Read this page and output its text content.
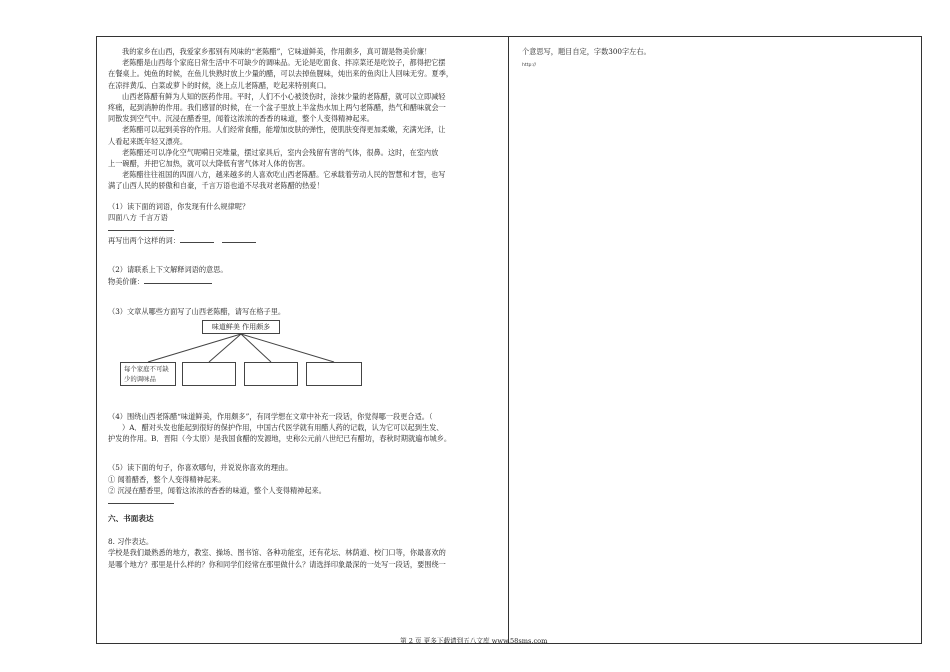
我的家乡在山西，我爱家乡那别有风味的“老陈醋”，它味道鲜美，作用颇多，真可谓是物美价廉！

老陈醋是山西每个家庭日常生活中不可缺少的调味品。无论是吃面食、拌凉菜还是吃饺子，都得把它摆

在餐桌上。炖鱼的时候，在鱼儿快熟时放上少量的醋，可以去掉鱼腥味，炖出来的鱼肉让人回味无穷。夏季，

在凉拌黄瓜、白菜或萝卜的时候，浇上点儿老陈醋，吃起来特别爽口。

山西老陈醋有鲜为人知的医药作用。平时，人们不小心被烫伤时，涂抹少量的老陈醋，就可以立即减轻

疼痛，起到消肿的作用。我们感冒的时候，在一个盆子里放上半盆热水加上两勺老陈醋，热气和醋味就会一

同散发到空气中。沉浸在醋香里，闻着这浓浓的香香的味道，整个人变得精神起来。

老陈醋可以起到美容的作用。人们经常食醋，能增加皮肤的弹性，使肌肤变得更加柔嫩，充满光泽，让

人看起来既年轻又漂亮。

老陈醋还可以净化空气呢嗬日完堆量，摆过家具后，室内会残留有害的气体，很鼻。这时，在室内放

上一碗醋，并把它加热，就可以大降低有害气体对人体的伤害。

老陈醋往往祖国的四面八方，越来越多的人喜欢吃山西老陈醋。它承载着劳动人民的智慧和才智，也写

满了山西人民的骄傲和自豪，千言万语也道不尽我对老陈醋的热爱！

（1）读下面的词语，你发现有什么规律呢？

四面八方 千言万语

再写出两个这样的词：

（2）请联系上下文解释词语的意思。

物美价廉：

（3）文章从哪些方面写了山西老陈醋，请写在格子里。

味道鲜美 作用颇多
每个家庭不可缺少的调味品

（4）围绕山西老陈醋“味道鲜美，作用颇多”，有同学想在文章中补充一段话，你觉得哪一段更合适。（

）A．醋对头发也能起到很好的保护作用，中国古代医学就有用醋人药的记载，认为它可以起到生发、

护发的作用。B．晋阳（今太原）是我国食醋的发源地，史称公元前八世纪已有醋坊，春秋时期就遍布城乡。

（5）读下面的句子，你喜欢哪句，并说说你喜欢的理由。

① 闻着醋香，整个人变得精神起来。

② 沉浸在醋香里，闻着这浓浓的香香的味道，整个人变得精神起来。

六、书面表达

8. 习作表达。

学校是我们最熟悉的地方，教室、操场、图书馆、各种功能室，还有花坛、林荫道、校门口等，你最喜欢的

是哪个地方？那里是什么样的？你和同学们经常在那里做什么？请选择印象最深的一处写一段话，要围绕一

个意思写，题目自定，字数300字左右。

http://

第 2 页 更多下载请到五八文库 www.58sms.com
